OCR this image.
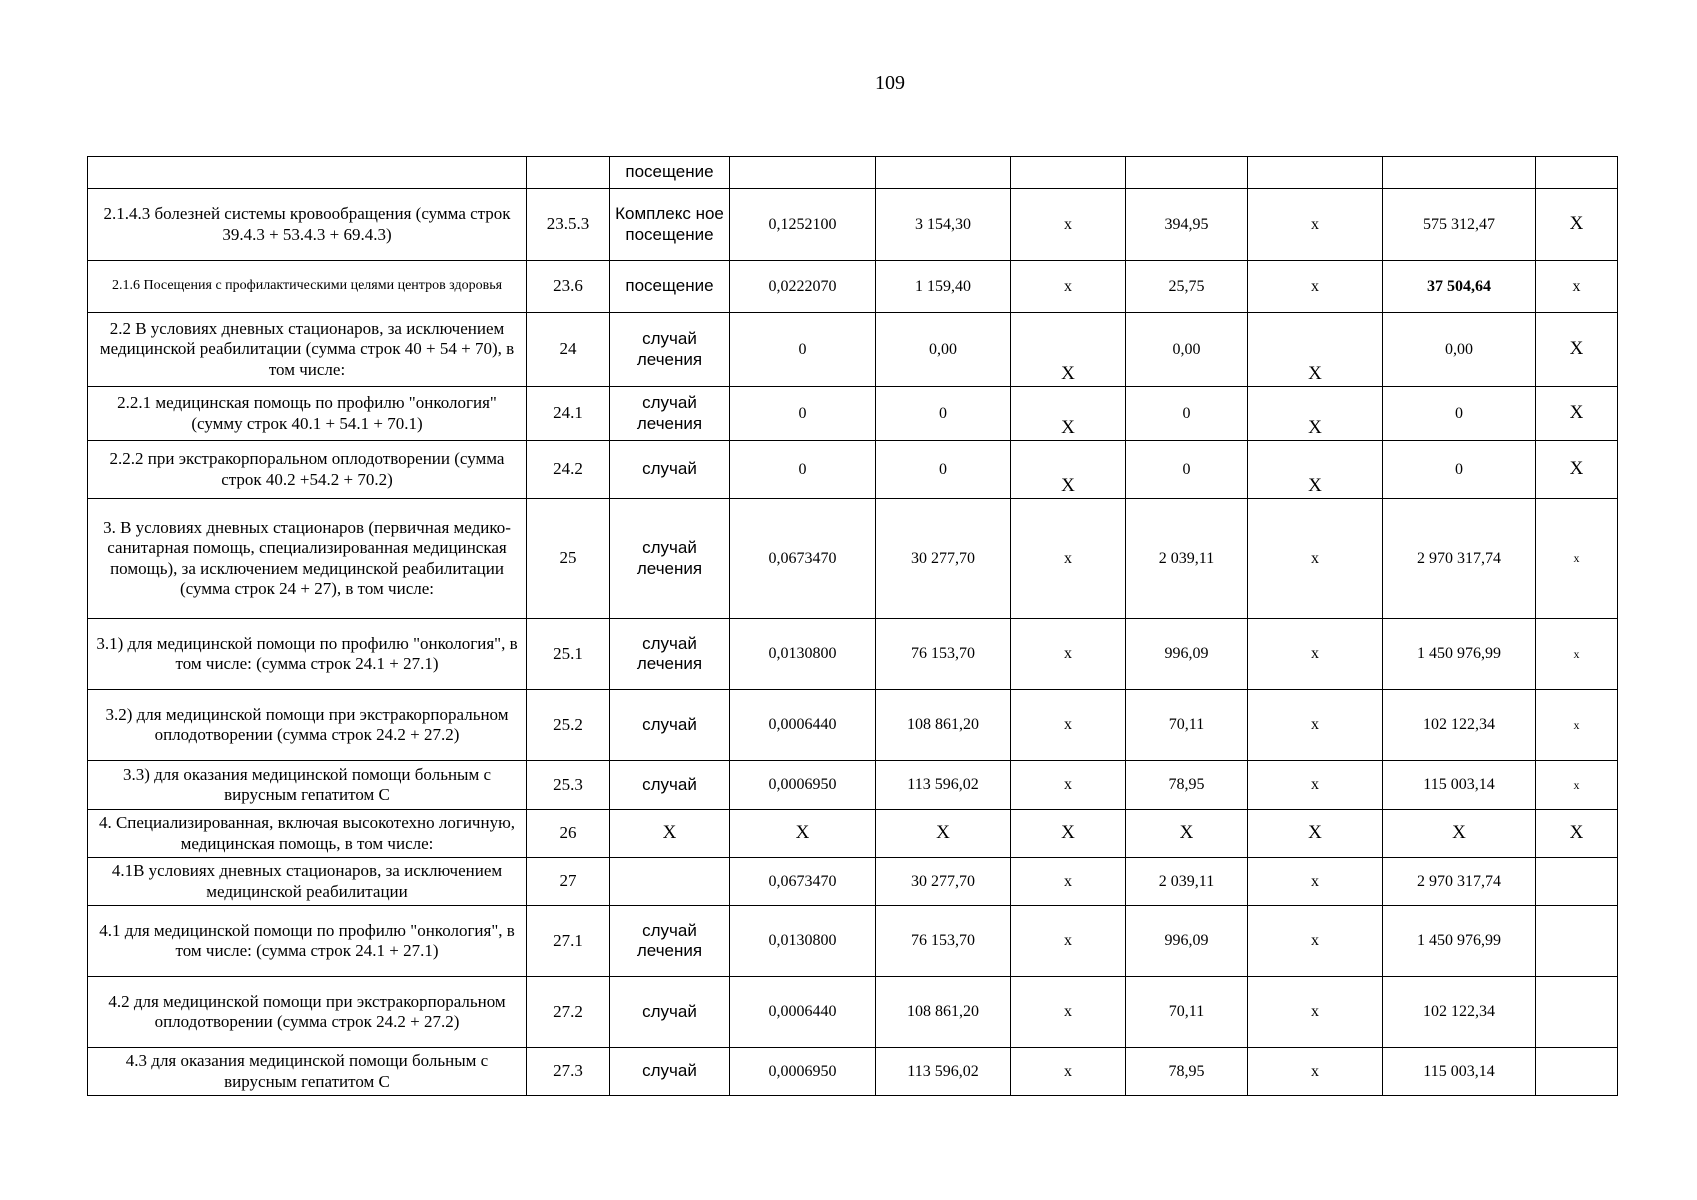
109
		посещение							
2.1.4.3 болезней системы кровообращения (сумма строк 39.4.3 + 53.4.3 + 69.4.3)	23.5.3	Комплекс ное посещение	0,1252100	3 154,30	х	394,95	х	575 312,47	Х
2.1.6 Посещения с профилактическими целями центров здоровья	23.6	посещение	0,0222070	1 159,40	х	25,75	х	37 504,64	х
2.2 В условиях дневных стационаров, за исключением медицинской реабилитации (сумма строк 40 + 54 + 70), в том числе:	24	случай лечения	0	0,00	Х	0,00	Х	0,00	Х
2.2.1 медицинская помощь по профилю "онкология" (сумму строк 40.1 + 54.1 + 70.1)	24.1	случай лечения	0	0	Х	0	Х	0	Х
2.2.2 при экстракорпоральном оплодотворении (сумма строк 40.2 +54.2 + 70.2)	24.2	случай	0	0	Х	0	Х	0	Х
3. В условиях дневных стационаров (первичная медико-санитарная помощь, специализированная медицинская помощь), за исключением медицинской реабилитации (сумма строк 24 + 27), в том числе:	25	случай лечения	0,0673470	30 277,70	х	2 039,11	х	2 970 317,74	х
3.1) для медицинской помощи по профилю "онкология", в том числе: (сумма строк 24.1 + 27.1)	25.1	случай лечения	0,0130800	76 153,70	х	996,09	х	1 450 976,99	х
3.2) для медицинской помощи при экстракорпоральном оплодотворении (сумма строк 24.2 + 27.2)	25.2	случай	0,0006440	108 861,20	х	70,11	х	102 122,34	х
3.3) для оказания медицинской помощи больным с вирусным гепатитом С	25.3	случай	0,0006950	113 596,02	х	78,95	х	115 003,14	х
4. Специализированная, включая высокотехно логичную, медицинская помощь, в том числе:	26	Х	Х	Х	Х	Х	Х	Х	Х
4.1В условиях дневных стационаров, за исключением медицинской реабилитации	27		0,0673470	30 277,70	х	2 039,11	х	2 970 317,74	
4.1 для медицинской помощи по профилю "онкология", в том числе: (сумма строк 24.1 + 27.1)	27.1	случай лечения	0,0130800	76 153,70	х	996,09	х	1 450 976,99	
4.2 для медицинской помощи при экстракорпоральном оплодотворении (сумма строк 24.2 + 27.2)	27.2	случай	0,0006440	108 861,20	х	70,11	х	102 122,34	
4.3 для оказания медицинской помощи больным с вирусным гепатитом С	27.3	случай	0,0006950	113 596,02	х	78,95	х	115 003,14	
